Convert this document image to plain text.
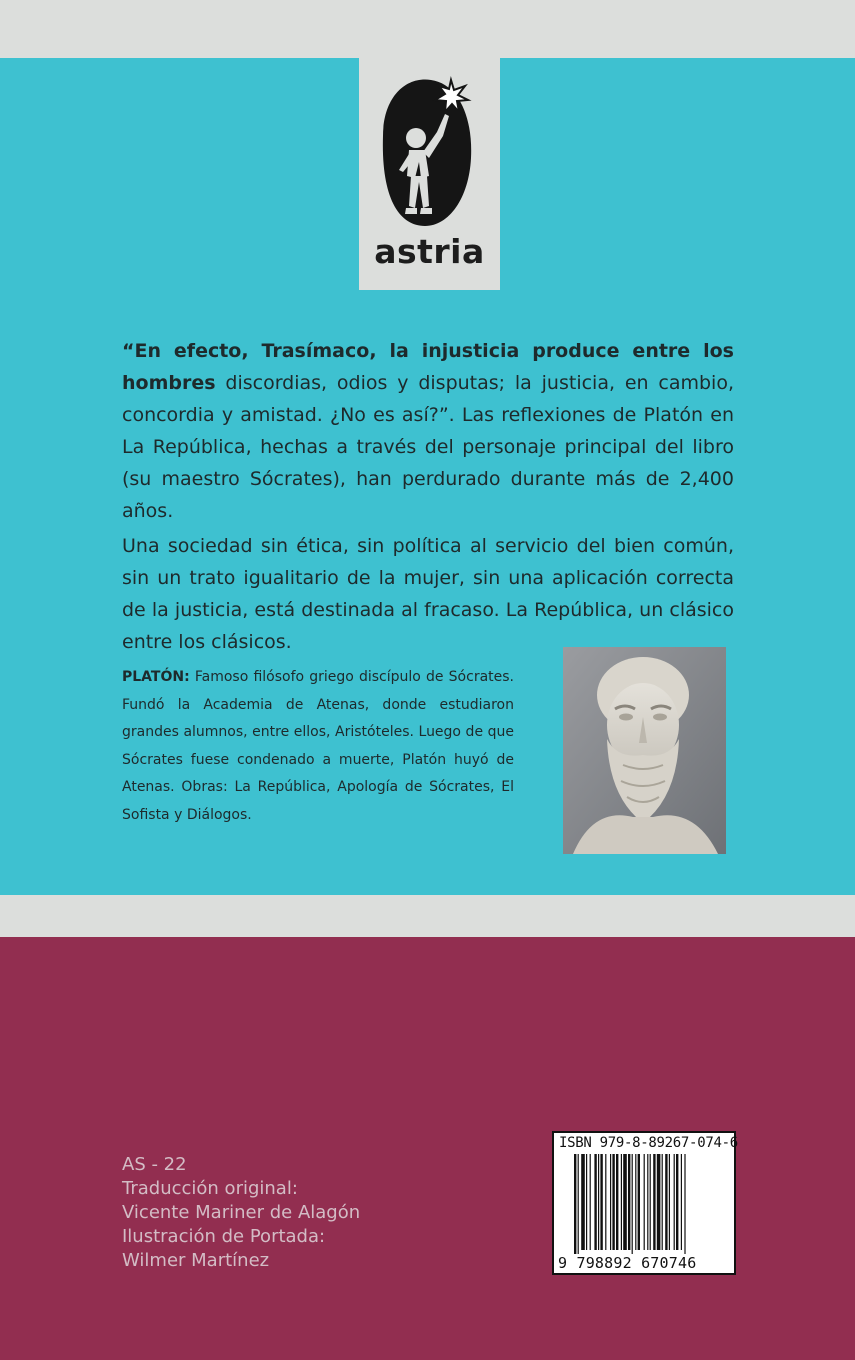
astria

“En efecto, Trasímaco, la injusticia produce entre los hombres discordias, odios y disputas; la justicia, en cambio, concordia y amistad. ¿No es así?”. Las reflexiones de Platón en La República, hechas a través del personaje principal del libro (su maestro Sócrates), han perdurado durante más de 2,400 años.

Una sociedad sin ética, sin política al servicio del bien común, sin un trato igualitario de la mujer, sin una aplicación correcta de la justicia, está destinada al fracaso. La República, un clásico entre los clásicos.

PLATÓN: Famoso filósofo griego discípulo de Sócrates. Fundó la Academia de Atenas, donde estudiaron grandes alumnos, entre ellos, Aristóteles. Luego de que Sócrates fuese condenado a muerte, Platón huyó de Atenas. Obras: La República, Apología de Sócrates, El Sofista y Diálogos.

AS - 22
Traducción original:
Vicente Mariner de Alagón
Ilustración de Portada:
Wilmer Martínez
ISBN 979-8-89267-074-6
9 798892 670746
